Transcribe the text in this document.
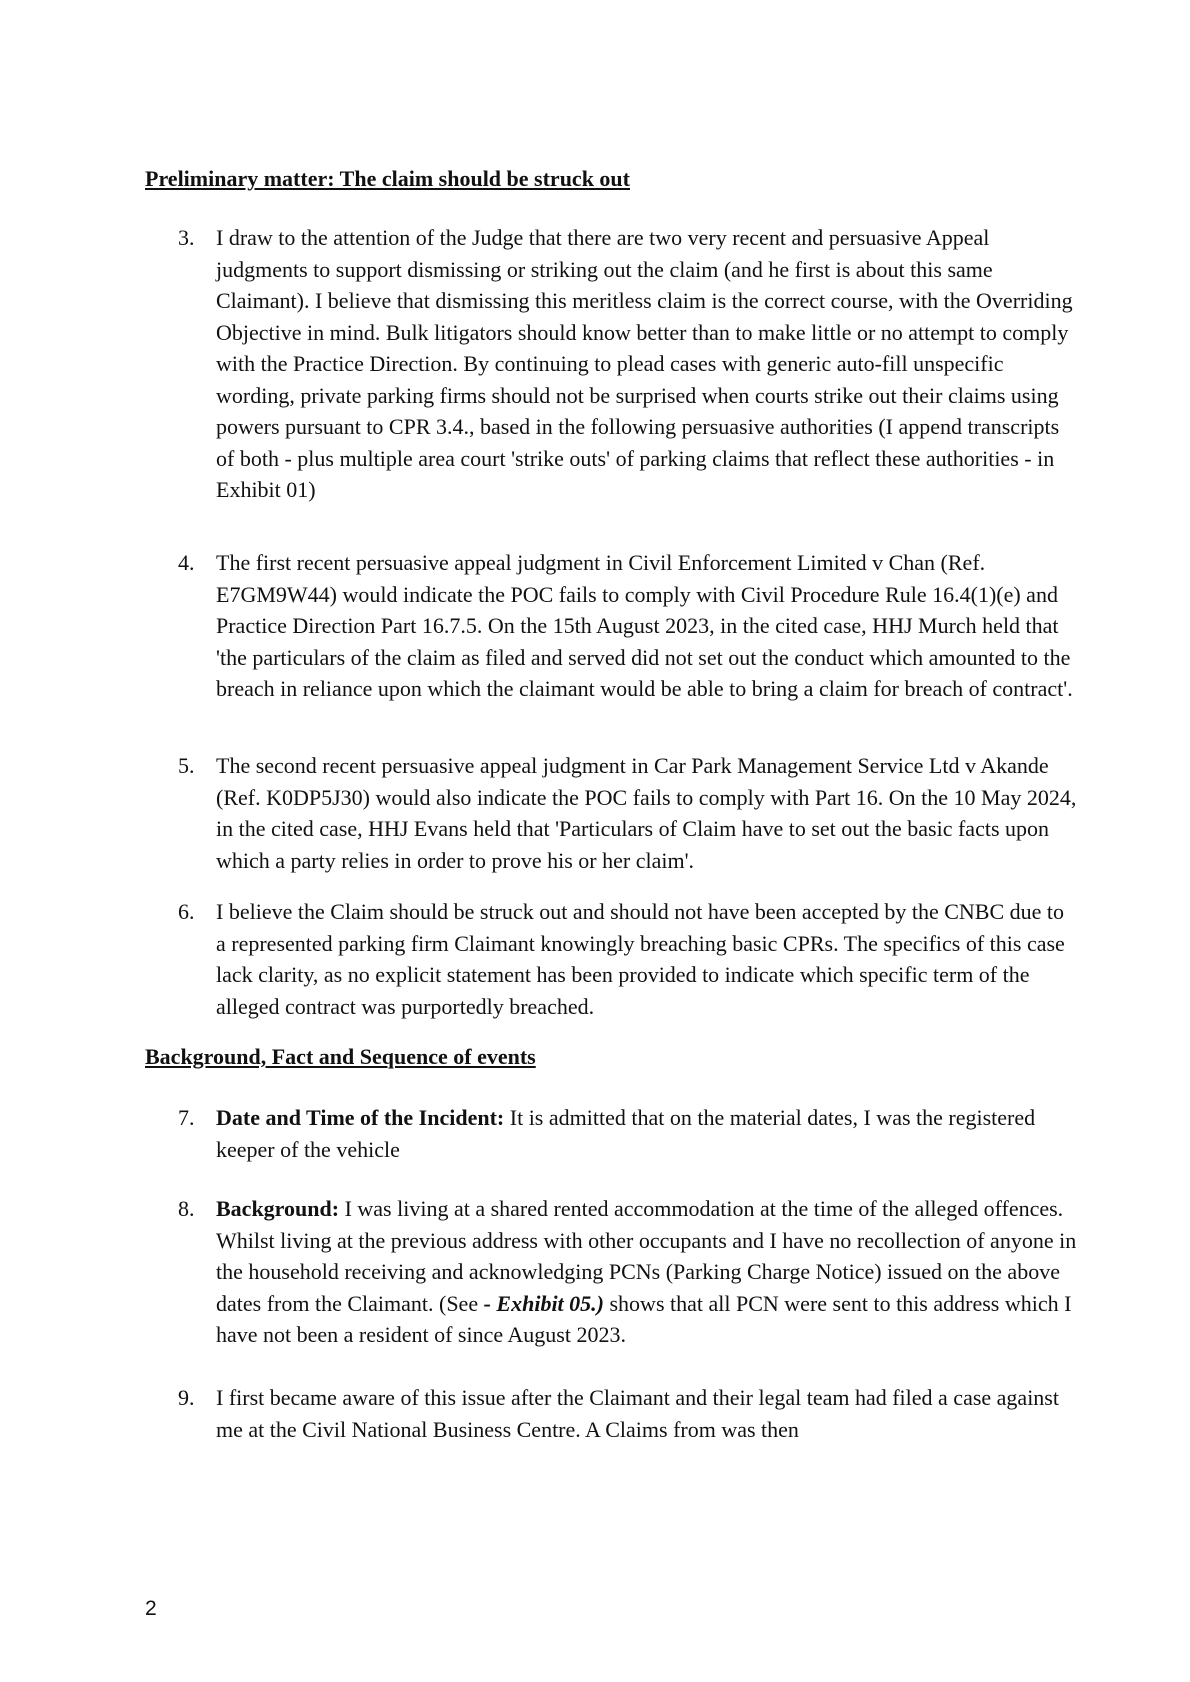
Preliminary matter: The claim should be struck out
3. I draw to the attention of the Judge that there are two very recent and persuasive Appeal judgments to support dismissing or striking out the claim (and he first is about this same Claimant). I believe that dismissing this meritless claim is the correct course, with the Overriding Objective in mind. Bulk litigators should know better than to make little or no attempt to comply with the Practice Direction. By continuing to plead cases with generic auto-fill unspecific wording, private parking firms should not be surprised when courts strike out their claims using powers pursuant to CPR 3.4., based in the following persuasive authorities (I append transcripts of both - plus multiple area court 'strike outs' of parking claims that reflect these authorities - in Exhibit 01)
4. The first recent persuasive appeal judgment in Civil Enforcement Limited v Chan (Ref. E7GM9W44) would indicate the POC fails to comply with Civil Procedure Rule 16.4(1)(e) and Practice Direction Part 16.7.5. On the 15th August 2023, in the cited case, HHJ Murch held that 'the particulars of the claim as filed and served did not set out the conduct which amounted to the breach in reliance upon which the claimant would be able to bring a claim for breach of contract'.
5. The second recent persuasive appeal judgment in Car Park Management Service Ltd v Akande (Ref. K0DP5J30) would also indicate the POC fails to comply with Part 16. On the 10 May 2024, in the cited case, HHJ Evans held that 'Particulars of Claim have to set out the basic facts upon which a party relies in order to prove his or her claim'.
6. I believe the Claim should be struck out and should not have been accepted by the CNBC due to a represented parking firm Claimant knowingly breaching basic CPRs. The specifics of this case lack clarity, as no explicit statement has been provided to indicate which specific term of the alleged contract was purportedly breached.
Background, Fact and Sequence of events
7. Date and Time of the Incident: It is admitted that on the material dates, I was the registered keeper of the vehicle
8. Background: I was living at a shared rented accommodation at the time of the alleged offences. Whilst living at the previous address with other occupants and I have no recollection of anyone in the household receiving and acknowledging PCNs (Parking Charge Notice) issued on the above dates from the Claimant. (See - Exhibit 05.) shows that all PCN were sent to this address which I have not been a resident of since August 2023.
9. I first became aware of this issue after the Claimant and their legal team had filed a case against me at the Civil National Business Centre. A Claims from was then
2
